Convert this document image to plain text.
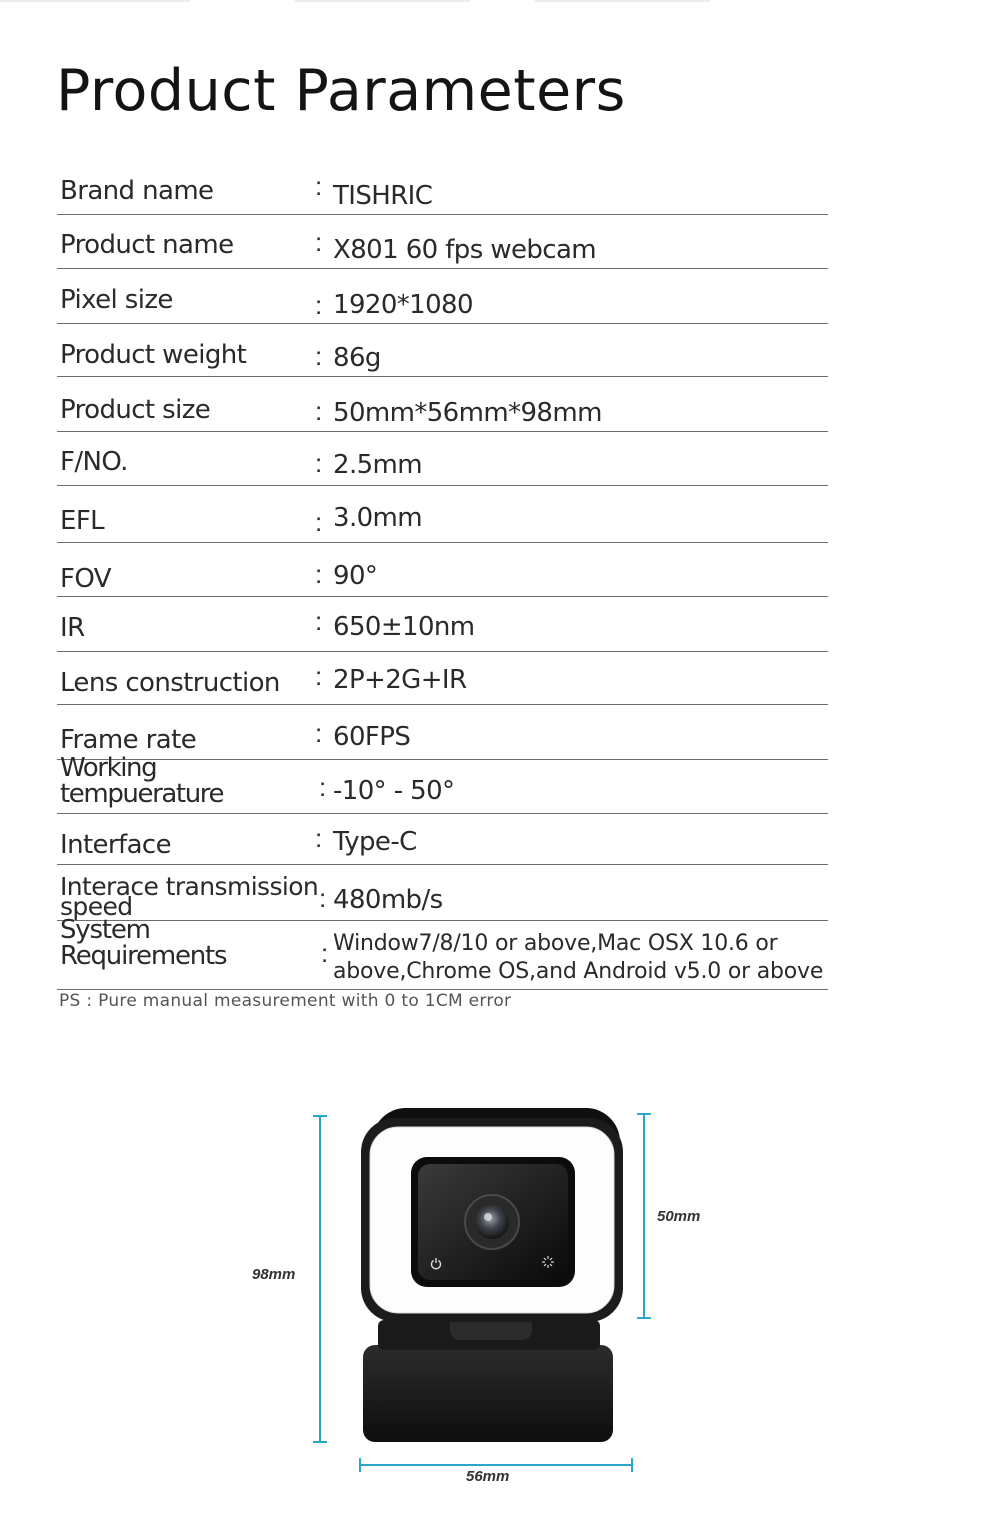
Product Parameters
Brand name	: TISHRIC
Product name	: X801 60 fps webcam
Pixel size	: 1920*1080
Product weight	: 86g
Product size	: 50mm*56mm*98mm
F/NO.	: 2.5mm
EFL	: 3.0mm
FOV	: 90°
IR	: 650±10nm
Lens construction	: 2P+2G+IR
Frame rate	: 60FPS
Working tempuerature	: -10° - 50°
Interface	: Type-C
Interace transmission speed	: 480mb/s
System Requirements	: Window7/8/10 or above,Mac OSX 10.6 or above,Chrome OS,and Android v5.0 or above
PS : Pure manual measurement with 0 to 1CM error
98mm
50mm
56mm
